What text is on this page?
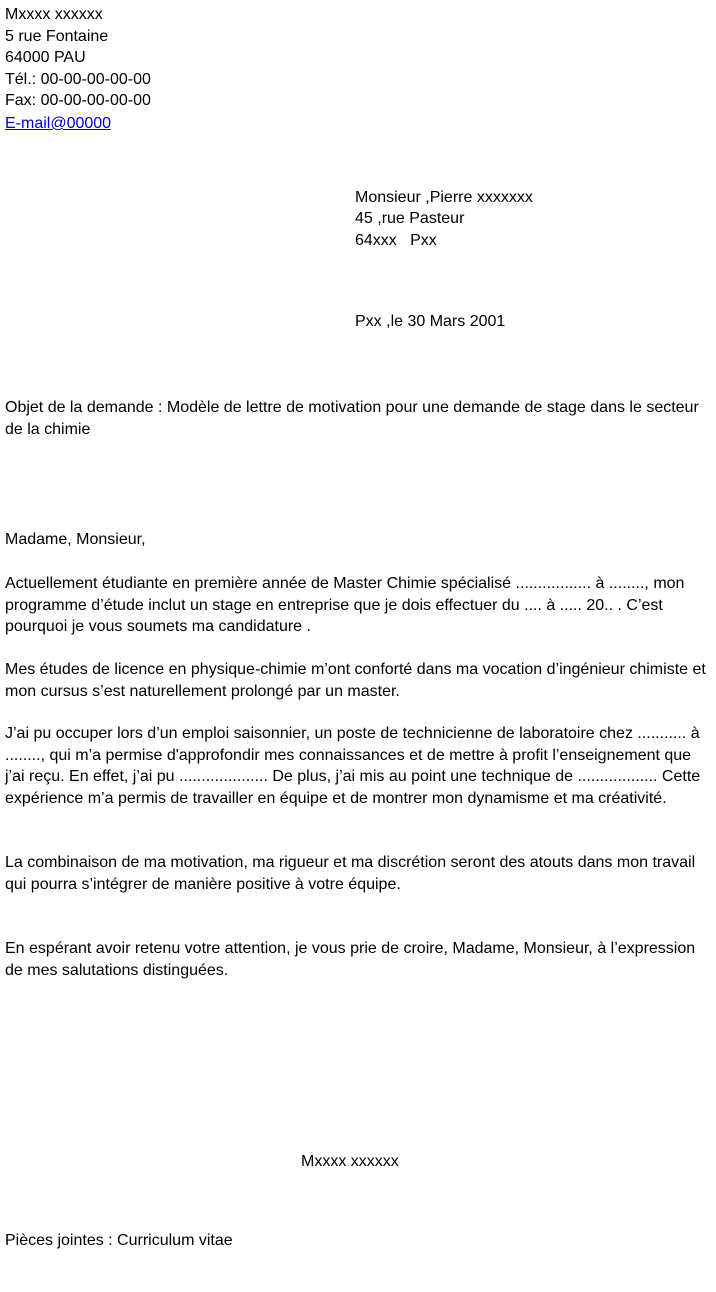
Mxxxx xxxxxx
5 rue Fontaine
64000 PAU
Tél.: 00-00-00-00-00
Fax: 00-00-00-00-00
E-mail@00000
Monsieur ,Pierre xxxxxxx
45 ,rue Pasteur
64xxx   Pxx
Pxx ,le 30 Mars 2001
Objet de la demande : Modèle de lettre de motivation pour une demande de stage dans le secteur de la chimie
Madame, Monsieur,
Actuellement étudiante en première année de Master Chimie spécialisé ................. à ........, mon programme d’étude inclut un stage en entreprise que je dois effectuer du .... à ..... 20.. . C’est pourquoi je vous soumets ma candidature .
Mes études de licence en physique-chimie m’ont conforté dans ma vocation d’ingénieur chimiste et mon cursus s’est naturellement prolongé par un master.
J’ai pu occuper lors d’un emploi saisonnier, un poste de technicienne de laboratoire chez ........... à ........, qui m’a permise d'approfondir mes connaissances et de mettre à profit l’enseignement que j’ai reçu. En effet, j’ai pu .................... De plus, j’ai mis au point une technique de .................. Cette expérience m’a permis de travailler en équipe et de montrer mon dynamisme et ma créativité.
La combinaison de ma motivation, ma rigueur et ma discrétion seront des atouts dans mon travail qui pourra s’intégrer de manière positive à votre équipe.
En espérant avoir retenu votre attention, je vous prie de croire, Madame, Monsieur, à l’expression de mes salutations distinguées.
Mxxxx xxxxxx
Pièces jointes : Curriculum vitae
